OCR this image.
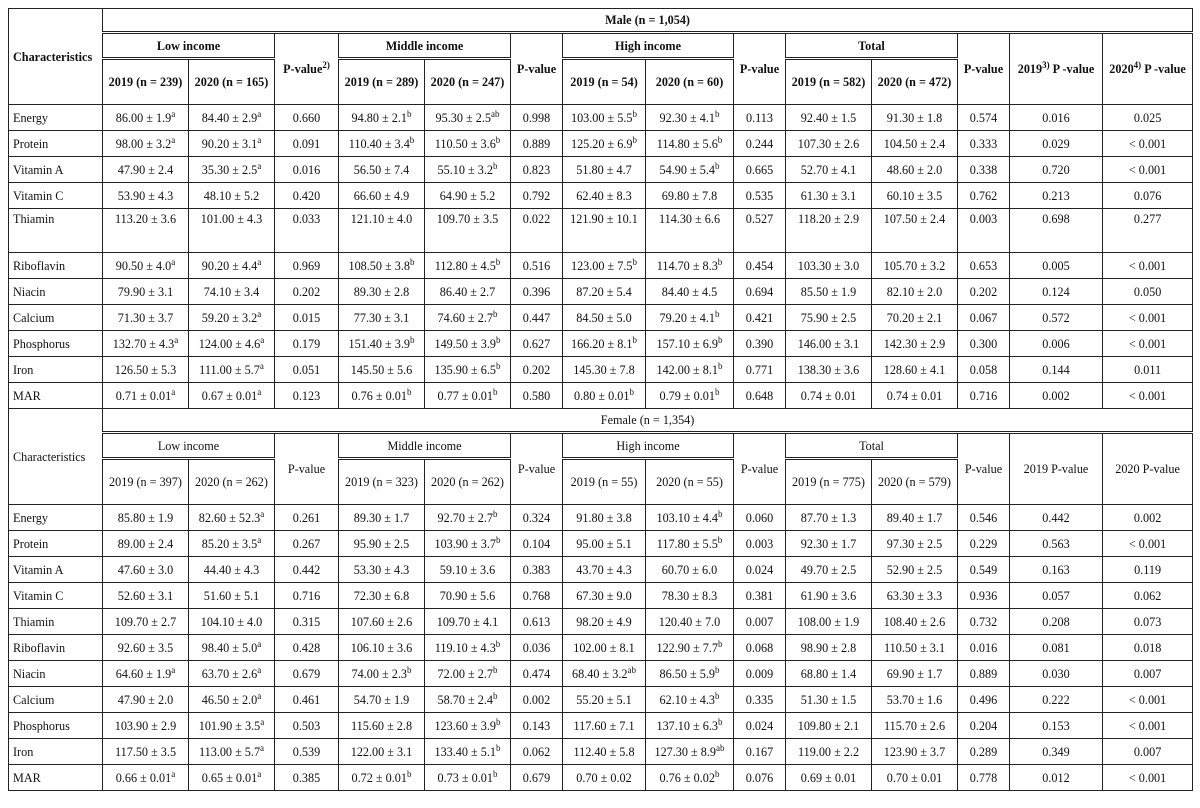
Characteristics	Male (n = 1,054)													
	Low income		P-value$^{2)}$	Middle income		P-value	High income		P-value	Total		P-value	2019$^{3)}$ P -value	2020$^{4)}$ P -value
	2019 (n = 239)	2020 (n = 165)		2019 (n = 289)	2020 (n = 247)		2019 (n = 54)	2020 (n = 60)		2019 (n = 582)	2020 (n = 472)			
Energy	86.00 ± 1.9$^a$	84.40 ± 2.9$^a$	0.660	94.80 ± 2.1$^b$	95.30 ± 2.5$^{ab}$	0.998	103.00 ± 5.5$^b$	92.30 ± 4.1$^b$	0.113	92.40 ± 1.5	91.30 ± 1.8	0.574	0.016	0.025
Protein	98.00 ± 3.2$^a$	90.20 ± 3.1$^a$	0.091	110.40 ± 3.4$^b$	110.50 ± 3.6$^b$	0.889	125.20 ± 6.9$^b$	114.80 ± 5.6$^b$	0.244	107.30 ± 2.6	104.50 ± 2.4	0.333	0.029	< 0.001
Vitamin A	47.90 ± 2.4	35.30 ± 2.5$^a$	0.016	56.50 ± 7.4	55.10 ± 3.2$^b$	0.823	51.80 ± 4.7	54.90 ± 5.4$^b$	0.665	52.70 ± 4.1	48.60 ± 2.0	0.338	0.720	< 0.001
Vitamin C	53.90 ± 4.3	48.10 ± 5.2	0.420	66.60 ± 4.9	64.90 ± 5.2	0.792	62.40 ± 8.3	69.80 ± 7.8	0.535	61.30 ± 3.1	60.10 ± 3.5	0.762	0.213	0.076
Thiamin	113.20 ± 3.6	101.00 ± 4.3	0.033	121.10 ± 4.0	109.70 ± 3.5	0.022	121.90 ± 10.1	114.30 ± 6.6	0.527	118.20 ± 2.9	107.50 ± 2.4	0.003	0.698	0.277
Riboflavin	90.50 ± 4.0$^a$	90.20 ± 4.4$^a$	0.969	108.50 ± 3.8$^b$	112.80 ± 4.5$^b$	0.516	123.00 ± 7.5$^b$	114.70 ± 8.3$^b$	0.454	103.30 ± 3.0	105.70 ± 3.2	0.653	0.005	< 0.001
Niacin	79.90 ± 3.1	74.10 ± 3.4	0.202	89.30 ± 2.8	86.40 ± 2.7	0.396	87.20 ± 5.4	84.40 ± 4.5	0.694	85.50 ± 1.9	82.10 ± 2.0	0.202	0.124	0.050
Calcium	71.30 ± 3.7	59.20 ± 3.2$^a$	0.015	77.30 ± 3.1	74.60 ± 2.7$^b$	0.447	84.50 ± 5.0	79.20 ± 4.1$^b$	0.421	75.90 ± 2.5	70.20 ± 2.1	0.067	0.572	< 0.001
Phosphorus	132.70 ± 4.3$^a$	124.00 ± 4.6$^a$	0.179	151.40 ± 3.9$^b$	149.50 ± 3.9$^b$	0.627	166.20 ± 8.1$^b$	157.10 ± 6.9$^b$	0.390	146.00 ± 3.1	142.30 ± 2.9	0.300	0.006	< 0.001
Iron	126.50 ± 5.3	111.00 ± 5.7$^a$	0.051	145.50 ± 5.6	135.90 ± 6.5$^b$	0.202	145.30 ± 7.8	142.00 ± 8.1$^b$	0.771	138.30 ± 3.6	128.60 ± 4.1	0.058	0.144	0.011
MAR	0.71 ± 0.01$^a$	0.67 ± 0.01$^a$	0.123	0.76 ± 0.01$^b$	0.77 ± 0.01$^b$	0.580	0.80 ± 0.01$^b$	0.79 ± 0.01$^b$	0.648	0.74 ± 0.01	0.74 ± 0.01	0.716	0.002	< 0.001
Characteristics	Female (n = 1,354)													
	Low income		P-value	Middle income		P-value	High income		P-value	Total		P-value	2019 P-value	2020 P-value
	2019 (n = 397)	2020 (n = 262)		2019 (n = 323)	2020 (n = 262)		2019 (n = 55)	2020 (n = 55)		2019 (n = 775)	2020 (n = 579)			
Energy	85.80 ± 1.9	82.60 ± 52.3$^a$	0.261	89.30 ± 1.7	92.70 ± 2.7$^b$	0.324	91.80 ± 3.8	103.10 ± 4.4$^b$	0.060	87.70 ± 1.3	89.40 ± 1.7	0.546	0.442	0.002
Protein	89.00 ± 2.4	85.20 ± 3.5$^a$	0.267	95.90 ± 2.5	103.90 ± 3.7$^b$	0.104	95.00 ± 5.1	117.80 ± 5.5$^b$	0.003	92.30 ± 1.7	97.30 ± 2.5	0.229	0.563	< 0.001
Vitamin A	47.60 ± 3.0	44.40 ± 4.3	0.442	53.30 ± 4.3	59.10 ± 3.6	0.383	43.70 ± 4.3	60.70 ± 6.0	0.024	49.70 ± 2.5	52.90 ± 2.5	0.549	0.163	0.119
Vitamin C	52.60 ± 3.1	51.60 ± 5.1	0.716	72.30 ± 6.8	70.90 ± 5.6	0.768	67.30 ± 9.0	78.30 ± 8.3	0.381	61.90 ± 3.6	63.30 ± 3.3	0.936	0.057	0.062
Thiamin	109.70 ± 2.7	104.10 ± 4.0	0.315	107.60 ± 2.6	109.70 ± 4.1	0.613	98.20 ± 4.9	120.40 ± 7.0	0.007	108.00 ± 1.9	108.40 ± 2.6	0.732	0.208	0.073
Riboflavin	92.60 ± 3.5	98.40 ± 5.0$^a$	0.428	106.10 ± 3.6	119.10 ± 4.3$^b$	0.036	102.00 ± 8.1	122.90 ± 7.7$^b$	0.068	98.90 ± 2.8	110.50 ± 3.1	0.016	0.081	0.018
Niacin	64.60 ± 1.9$^a$	63.70 ± 2.6$^a$	0.679	74.00 ± 2.3$^b$	72.00 ± 2.7$^b$	0.474	68.40 ± 3.2$^{ab}$	86.50 ± 5.9$^b$	0.009	68.80 ± 1.4	69.90 ± 1.7	0.889	0.030	0.007
Calcium	47.90 ± 2.0	46.50 ± 2.0$^a$	0.461	54.70 ± 1.9	58.70 ± 2.4$^b$	0.002	55.20 ± 5.1	62.10 ± 4.3$^b$	0.335	51.30 ± 1.5	53.70 ± 1.6	0.496	0.222	< 0.001
Phosphorus	103.90 ± 2.9	101.90 ± 3.5$^a$	0.503	115.60 ± 2.8	123.60 ± 3.9$^b$	0.143	117.60 ± 7.1	137.10 ± 6.3$^b$	0.024	109.80 ± 2.1	115.70 ± 2.6	0.204	0.153	< 0.001
Iron	117.50 ± 3.5	113.00 ± 5.7$^a$	0.539	122.00 ± 3.1	133.40 ± 5.1$^b$	0.062	112.40 ± 5.8	127.30 ± 8.9$^{ab}$	0.167	119.00 ± 2.2	123.90 ± 3.7	0.289	0.349	0.007
MAR	0.66 ± 0.01$^a$	0.65 ± 0.01$^a$	0.385	0.72 ± 0.01$^b$	0.73 ± 0.01$^b$	0.679	0.70 ± 0.02	0.76 ± 0.02$^b$	0.076	0.69 ± 0.01	0.70 ± 0.01	0.778	0.012	< 0.001
